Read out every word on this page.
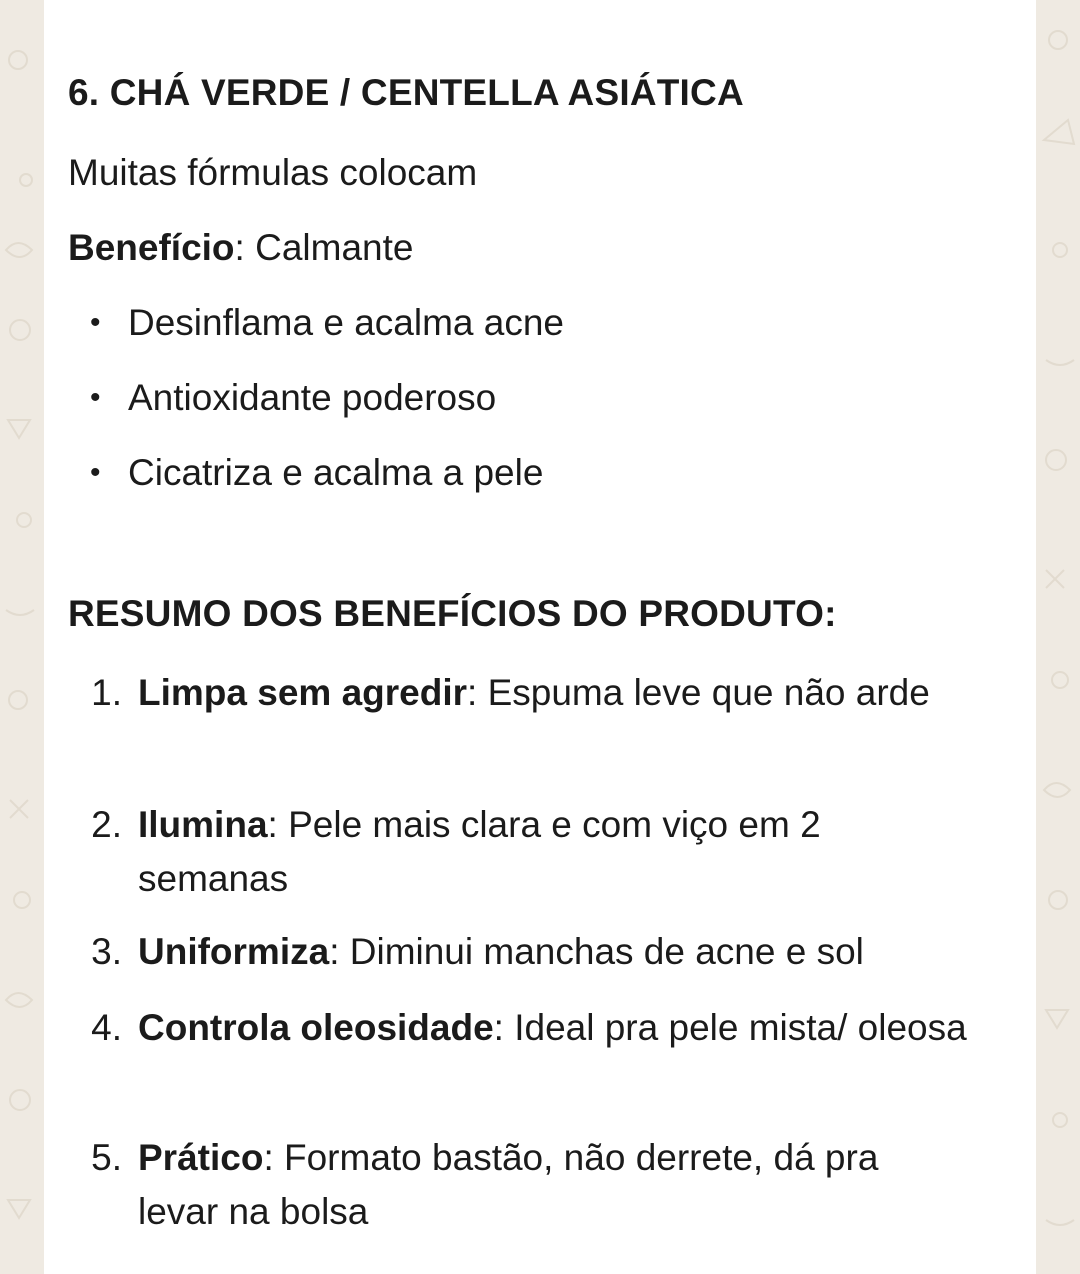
6. CHÁ VERDE / CENTELLA ASIÁTICA
Muitas fórmulas colocam
Benefício: Calmante
• Desinflama e acalma acne
• Antioxidante poderoso
• Cicatriza e acalma a pele
RESUMO DOS BENEFÍCIOS DO PRODUTO:
1. Limpa sem agredir: Espuma leve que não arde
2. Ilumina: Pele mais clara e com viço em 2 semanas
3. Uniformiza: Diminui manchas de acne e sol
4. Controla oleosidade: Ideal pra pele mista/ oleosa
5. Prático: Formato bastão, não derrete, dá pra levar na bolsa
